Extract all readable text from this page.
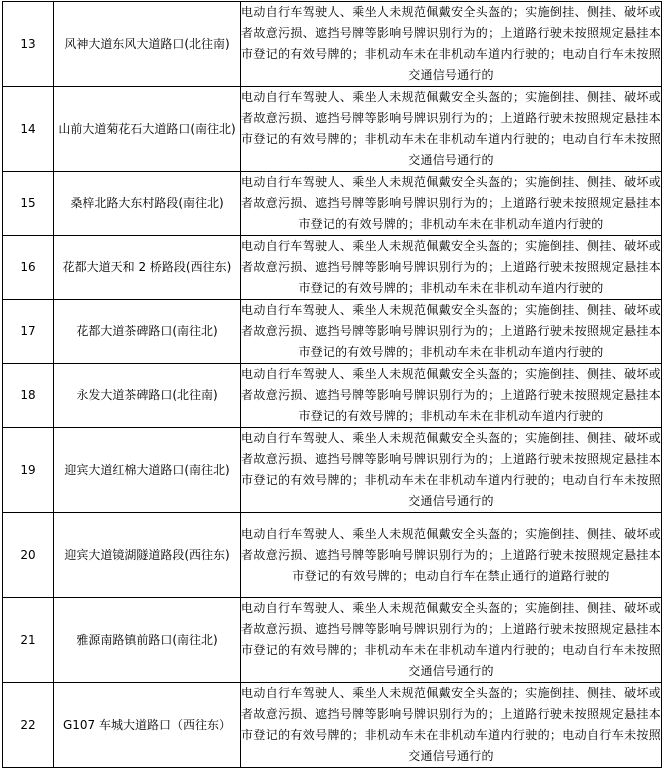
13	风神大道东风大道路口(北往南)	电动自行车驾驶人、乘坐人未规范佩戴安全头盔的；实施倒挂、侧挂、破坏或者故意污损、遮挡号牌等影响号牌识别行为的；上道路行驶未按照规定悬挂本市登记的有效号牌的；非机动车未在非机动车道内行驶的；电动自行车未按照交通信号通行的
14	山前大道菊花石大道路口(南往北)	电动自行车驾驶人、乘坐人未规范佩戴安全头盔的；实施倒挂、侧挂、破坏或者故意污损、遮挡号牌等影响号牌识别行为的；上道路行驶未按照规定悬挂本市登记的有效号牌的；非机动车未在非机动车道内行驶的；电动自行车未按照交通信号通行的
15	桑梓北路大东村路段(南往北)	电动自行车驾驶人、乘坐人未规范佩戴安全头盔的；实施倒挂、侧挂、破坏或者故意污损、遮挡号牌等影响号牌识别行为的；上道路行驶未按照规定悬挂本市登记的有效号牌的；非机动车未在非机动车道内行驶的
16	花都大道天和 2 桥路段(西往东)	电动自行车驾驶人、乘坐人未规范佩戴安全头盔的；实施倒挂、侧挂、破坏或者故意污损、遮挡号牌等影响号牌识别行为的；上道路行驶未按照规定悬挂本市登记的有效号牌的；非机动车未在非机动车道内行驶的
17	花都大道茶碑路口(南往北)	电动自行车驾驶人、乘坐人未规范佩戴安全头盔的；实施倒挂、侧挂、破坏或者故意污损、遮挡号牌等影响号牌识别行为的；上道路行驶未按照规定悬挂本市登记的有效号牌的；非机动车未在非机动车道内行驶的
18	永发大道茶碑路口(北往南)	电动自行车驾驶人、乘坐人未规范佩戴安全头盔的；实施倒挂、侧挂、破坏或者故意污损、遮挡号牌等影响号牌识别行为的；上道路行驶未按照规定悬挂本市登记的有效号牌的；非机动车未在非机动车道内行驶的
19	迎宾大道红棉大道路口(南往北)	电动自行车驾驶人、乘坐人未规范佩戴安全头盔的；实施倒挂、侧挂、破坏或者故意污损、遮挡号牌等影响号牌识别行为的；上道路行驶未按照规定悬挂本市登记的有效号牌的；非机动车未在非机动车道内行驶的；电动自行车未按照交通信号通行的
20	迎宾大道镜湖隧道路段(西往东)	电动自行车驾驶人、乘坐人未规范佩戴安全头盔的；实施倒挂、侧挂、破坏或者故意污损、遮挡号牌等影响号牌识别行为的；上道路行驶未按照规定悬挂本市登记的有效号牌的；电动自行车在禁止通行的道路行驶的
21	雅源南路镇前路口(南往北)	电动自行车驾驶人、乘坐人未规范佩戴安全头盔的；实施倒挂、侧挂、破坏或者故意污损、遮挡号牌等影响号牌识别行为的；上道路行驶未按照规定悬挂本市登记的有效号牌的；非机动车未在非机动车道内行驶的；电动自行车未按照交通信号通行的
22	G107 车城大道路口（西往东）	电动自行车驾驶人、乘坐人未规范佩戴安全头盔的；实施倒挂、侧挂、破坏或者故意污损、遮挡号牌等影响号牌识别行为的；上道路行驶未按照规定悬挂本市登记的有效号牌的；非机动车未在非机动车道内行驶的；电动自行车未按照交通信号通行的
